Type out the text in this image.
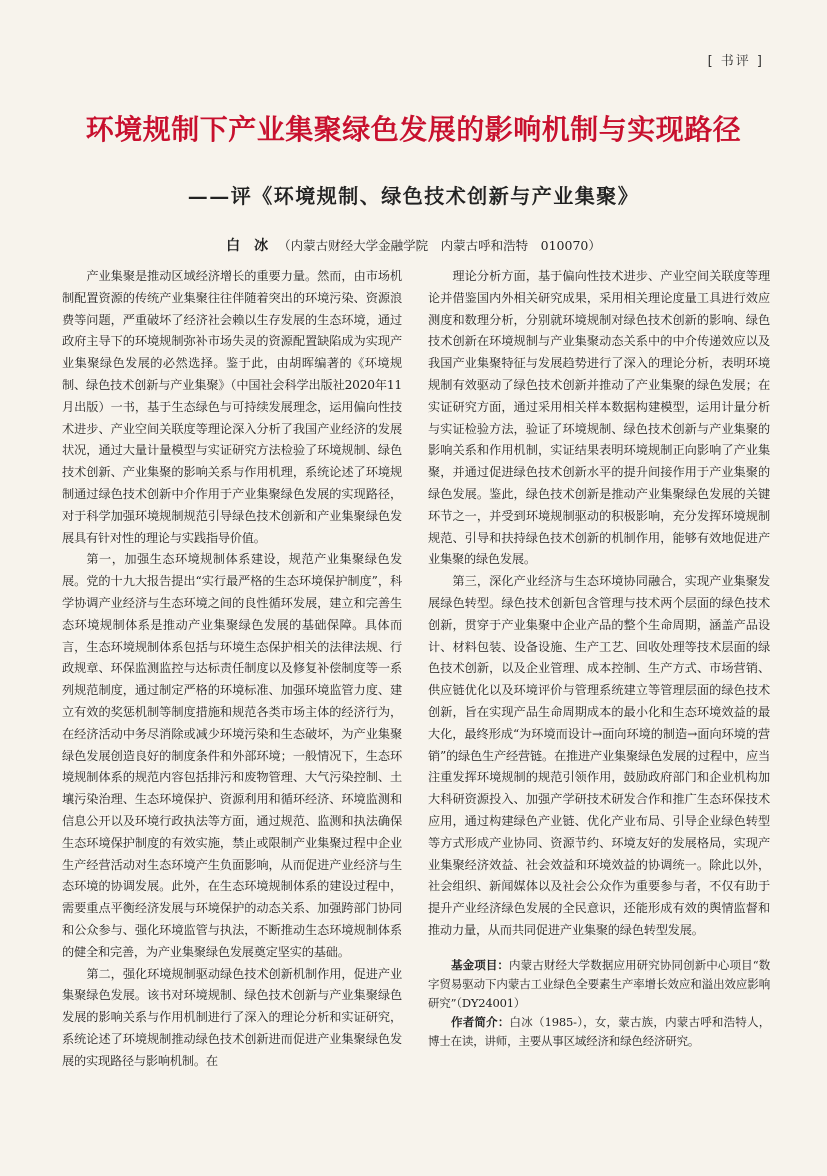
[ 书评 ]
环境规制下产业集聚绿色发展的影响机制与实现路径
——评《环境规制、绿色技术创新与产业集聚》
白　冰 （内蒙古财经大学金融学院　内蒙古呼和浩特　010070）

产业集聚是推动区域经济增长的重要力量。然而，由市场机制配置资源的传统产业集聚往往伴随着突出的环境污染、资源浪费等问题，严重破坏了经济社会赖以生存发展的生态环境，通过政府主导下的环境规制弥补市场失灵的资源配置缺陷成为实现产业集聚绿色发展的必然选择。鉴于此，由胡晖编著的《环境规制、绿色技术创新与产业集聚》（中国社会科学出版社2020年11月出版）一书，基于生态绿色与可持续发展理念，运用偏向性技术进步、产业空间关联度等理论深入分析了我国产业经济的发展状况，通过大量计量模型与实证研究方法检验了环境规制、绿色技术创新、产业集聚的影响关系与作用机理，系统论述了环境规制通过绿色技术创新中介作用于产业集聚绿色发展的实现路径，对于科学加强环境规制规范引导绿色技术创新和产业集聚绿色发展具有针对性的理论与实践指导价值。

第一，加强生态环境规制体系建设，规范产业集聚绿色发展。党的十九大报告提出“实行最严格的生态环境保护制度”，科学协调产业经济与生态环境之间的良性循环发展，建立和完善生态环境规制体系是推动产业集聚绿色发展的基础保障。具体而言，生态环境规制体系包括与环境生态保护相关的法律法规、行政规章、环保监测监控与达标责任制度以及修复补偿制度等一系列规范制度，通过制定严格的环境标准、加强环境监管力度、建立有效的奖惩机制等制度措施和规范各类市场主体的经济行为，在经济活动中务尽消除或减少环境污染和生态破坏，为产业集聚绿色发展创造良好的制度条件和外部环境；一般情况下，生态环境规制体系的规范内容包括排污和废物管理、大气污染控制、土壤污染治理、生态环境保护、资源利用和循环经济、环境监测和信息公开以及环境行政执法等方面，通过规范、监测和执法确保生态环境保护制度的有效实施，禁止或限制产业集聚过程中企业生产经营活动对生态环境产生负面影响，从而促进产业经济与生态环境的协调发展。此外，在生态环境规制体系的建设过程中，需要重点平衡经济发展与环境保护的动态关系、加强跨部门协同和公众参与、强化环境监管与执法，不断推动生态环境规制体系的健全和完善，为产业集聚绿色发展奠定坚实的基础。

第二，强化环境规制驱动绿色技术创新机制作用，促进产业集聚绿色发展。该书对环境规制、绿色技术创新与产业集聚绿色发展的影响关系与作用机制进行了深入的理论分析和实证研究，系统论述了环境规制推动绿色技术创新进而促进产业集聚绿色发展的实现路径与影响机制。在

理论分析方面，基于偏向性技术进步、产业空间关联度等理论并借鉴国内外相关研究成果，采用相关理论度量工具进行效应测度和数理分析，分别就环境规制对绿色技术创新的影响、绿色技术创新在环境规制与产业集聚动态关系中的中介传递效应以及我国产业集聚特征与发展趋势进行了深入的理论分析，表明环境规制有效驱动了绿色技术创新并推动了产业集聚的绿色发展；在实证研究方面，通过采用相关样本数据构建模型，运用计量分析与实证检验方法，验证了环境规制、绿色技术创新与产业集聚的影响关系和作用机制，实证结果表明环境规制正向影响了产业集聚，并通过促进绿色技术创新水平的提升间接作用于产业集聚的绿色发展。鉴此，绿色技术创新是推动产业集聚绿色发展的关键环节之一，并受到环境规制驱动的积极影响，充分发挥环境规制规范、引导和扶持绿色技术创新的机制作用，能够有效地促进产业集聚的绿色发展。

第三，深化产业经济与生态环境协同融合，实现产业集聚发展绿色转型。绿色技术创新包含管理与技术两个层面的绿色技术创新，贯穿于产业集聚中企业产品的整个生命周期，涵盖产品设计、材料包装、设备设施、生产工艺、回收处理等技术层面的绿色技术创新，以及企业管理、成本控制、生产方式、市场营销、供应链优化以及环境评价与管理系统建立等管理层面的绿色技术创新，旨在实现产品生命周期成本的最小化和生态环境效益的最大化，最终形成“为环境而设计→面向环境的制造→面向环境的营销”的绿色生产经营链。在推进产业集聚绿色发展的过程中，应当注重发挥环境规制的规范引领作用，鼓励政府部门和企业机构加大科研资源投入、加强产学研技术研发合作和推广生态环保技术应用，通过构建绿色产业链、优化产业布局、引导企业绿色转型等方式形成产业协同、资源节约、环境友好的发展格局，实现产业集聚经济效益、社会效益和环境效益的协调统一。除此以外，社会组织、新闻媒体以及社会公众作为重要参与者，不仅有助于提升产业经济绿色发展的全民意识，还能形成有效的舆情监督和推动力量，从而共同促进产业集聚的绿色转型发展。

基金项目：内蒙古财经大学数据应用研究协同创新中心项目“数字贸易驱动下内蒙古工业绿色全要素生产率增长效应和溢出效应影响研究”（DY24001）

作者简介：白冰（1985-），女，蒙古族，内蒙古呼和浩特人，博士在读，讲师，主要从事区域经济和绿色经济研究。
